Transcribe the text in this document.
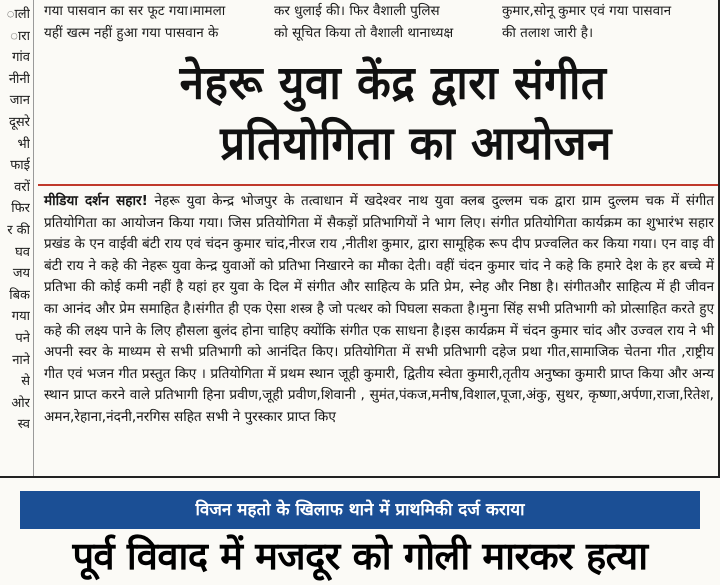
ाली
ारा
गांव
नीनी
जान
दूसरे
भी
फाई
वरों
फिर
र की
घव
जय
बिक
गया
पने
नाने
से
ओर
स्व
गया पासवान का सर फूट गया।मामला
यहीं खत्म नहीं हुआ गया पासवान के
कर धुलाई की। फिर वैशाली पुलिस
को सूचित किया तो वैशाली थानाध्यक्ष
कुमार,सोनू कुमार एवं गया पासवान
की तलाश जारी है।
नेहरू युवा केंद्र द्वारा संगीत
प्रतियोगिता का आयोजन
मीडिया दर्शन सहार! नेहरू युवा केन्द्र भोजपुर के तत्वाधान में खदेश्वर नाथ युवा क्लब दुल्लम चक द्वारा ग्राम दुल्लम चक में संगीत प्रतियोगिता का आयोजन किया गया। जिस प्रतियोगिता में सैकड़ों प्रतिभागियों ने भाग लिए। संगीत प्रतियोगिता कार्यक्रम का शुभारंभ सहार प्रखंड के एन वाईवी बंटी राय एवं चंदन कुमार चांद,नीरज राय ,नीतीश कुमार, द्वारा सामूहिक रूप दीप प्रज्वलित कर किया गया। एन वाइ वी बंटी राय ने कहे की नेहरू युवा केन्द्र युवाओं को प्रतिभा निखारने का मौका देती। वहीं चंदन कुमार चांद ने कहे कि हमारे देश के हर बच्चे में प्रतिभा की कोई कमी नहीं है यहां हर युवा के दिल में संगीत और साहित्य के प्रति प्रेम, स्नेह और निष्ठा है। संगीतऔर साहित्य में ही जीवन का आनंद और प्रेम समाहित है।संगीत ही एक ऐसा शस्त्र है जो पत्थर को पिघला सकता है।मुना सिंह सभी प्रतिभागी को प्रोत्साहित करते हुए कहे की लक्ष्य पाने के लिए हौसला बुलंद होना चाहिए क्योंकि संगीत एक साधना है।इस कार्यक्रम में चंदन कुमार चांद और उज्वल राय ने भी अपनी स्वर के माध्यम से सभी प्रतिभागी को आनंदित किए। प्रतियोगिता में सभी प्रतिभागी दहेज प्रथा गीत,सामाजिक चेतना गीत ,राष्ट्रीय गीत एवं भजन गीत प्रस्तुत किए । प्रतियोगिता में प्रथम स्थान जूही कुमारी, द्वितीय स्वेता कुमारी,तृतीय अनुष्का कुमारी प्राप्त किया और अन्य स्थान प्राप्त करने वाले प्रतिभागी हिना प्रवीण,जूही प्रवीण,शिवानी , सुमंत,पंकज,मनीष,विशाल,पूजा,अंकु, सुथर, कृष्णा,अर्पणा,राजा,रितेश, अमन,रेहाना,नंदनी,नरगिस सहित सभी ने पुरस्कार प्राप्त किए
विजन महतो के खिलाफ थाने में प्राथमिकी दर्ज कराया
पूर्व विवाद में मजदूर को गोली मारकर हत्या
